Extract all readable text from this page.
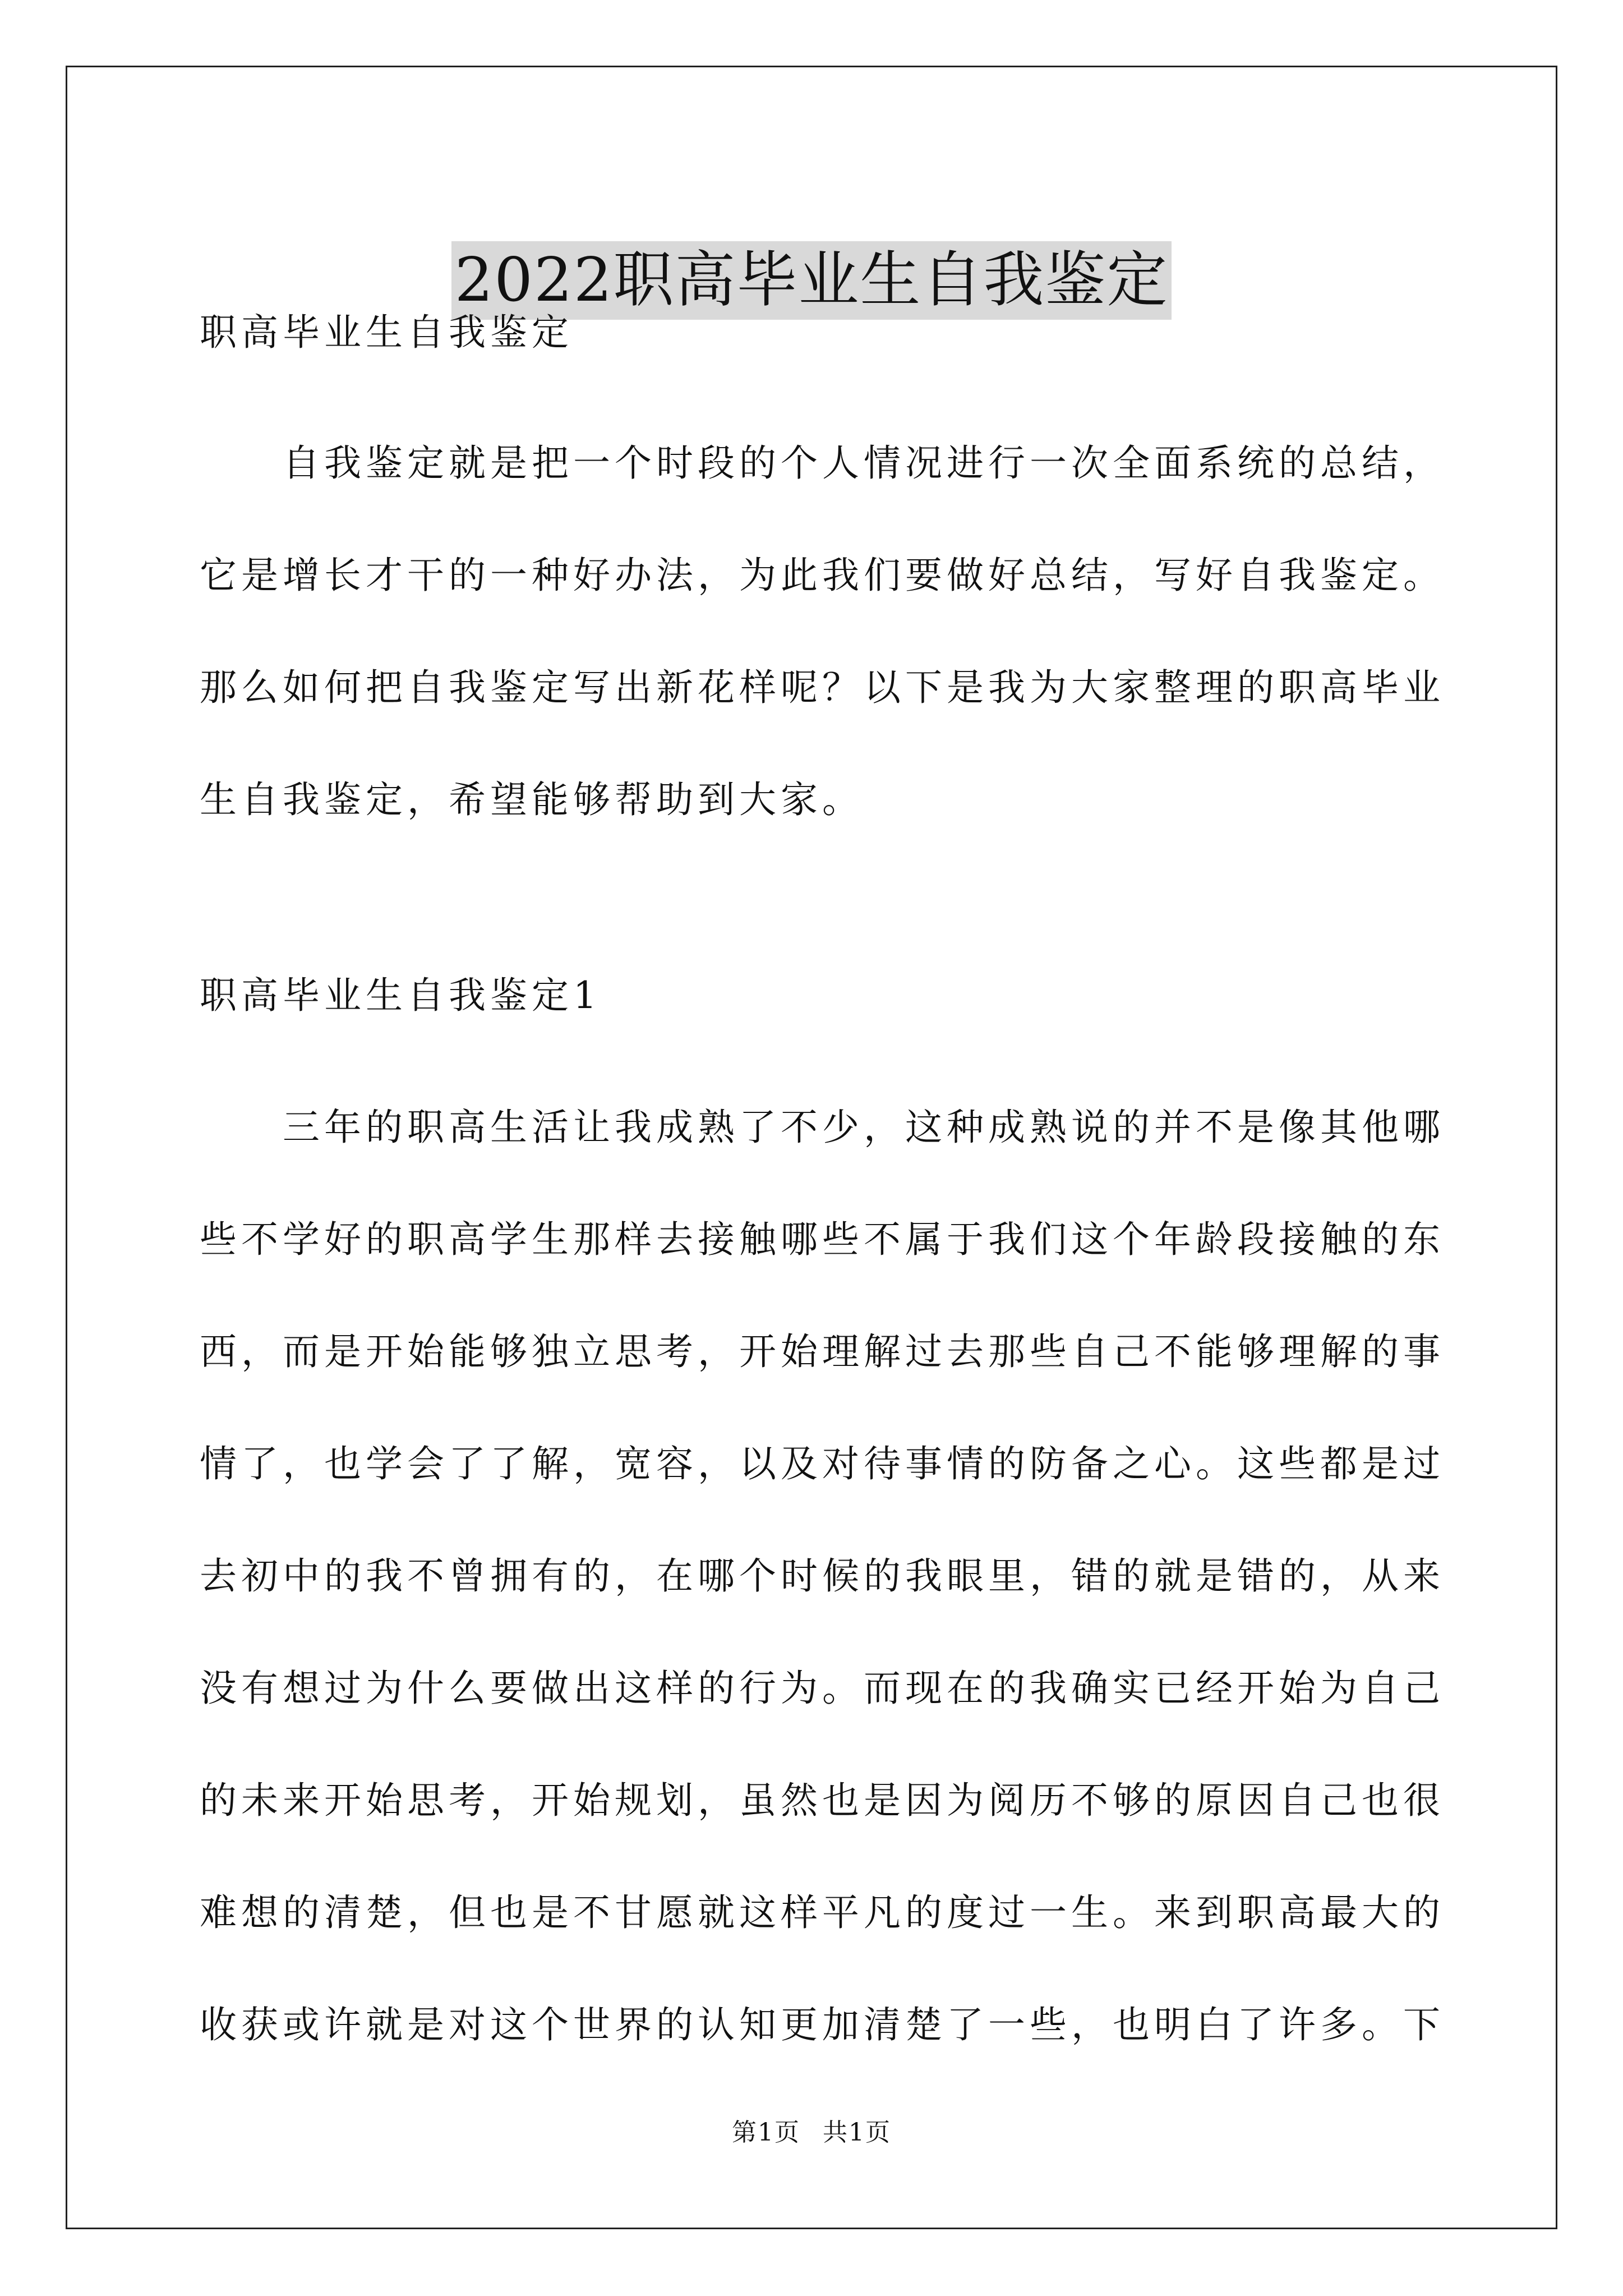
2022职高毕业生自我鉴定
职高毕业生自我鉴定
　　自我鉴定就是把一个时段的个人情况进行一次全面系统的总结，
它是增长才干的一种好办法，为此我们要做好总结，写好自我鉴定。
那么如何把自我鉴定写出新花样呢？以下是我为大家整理的职高毕业
生自我鉴定，希望能够帮助到大家。
职高毕业生自我鉴定1
　　三年的职高生活让我成熟了不少，这种成熟说的并不是像其他哪
些不学好的职高学生那样去接触哪些不属于我们这个年龄段接触的东
西，而是开始能够独立思考，开始理解过去那些自己不能够理解的事
情了，也学会了了解，宽容，以及对待事情的防备之心。这些都是过
去初中的我不曾拥有的，在哪个时候的我眼里，错的就是错的，从来
没有想过为什么要做出这样的行为。而现在的我确实已经开始为自己
的未来开始思考，开始规划，虽然也是因为阅历不够的原因自己也很
难想的清楚，但也是不甘愿就这样平凡的度过一生。来到职高最大的
收获或许就是对这个世界的认知更加清楚了一些，也明白了许多。下
第1页 共1页
